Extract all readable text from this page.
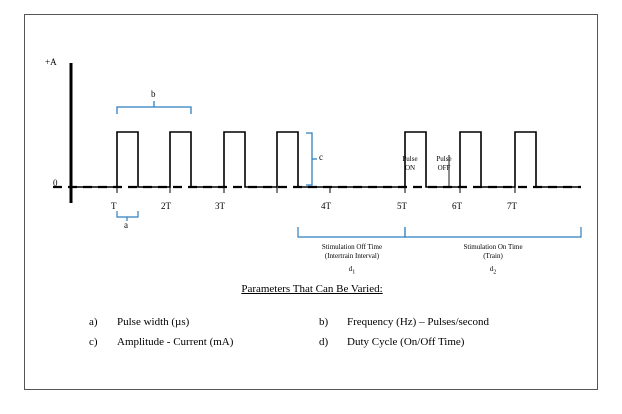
+A
0
T	2T	3T	4T	5T	6T	7T
b
a
c	Pulse
ON
Pulse
OFF
Stimulation Off Time
(Intertrain Interval)
d1
Stimulation On Time
(Train)
d2
Parameters That Can Be Varied:
a)	Pulse width (µs)	b)	Frequency (Hz) – Pulses/second
c)	Amplitude - Current (mA)	d)	Duty Cycle (On/Off Time)
